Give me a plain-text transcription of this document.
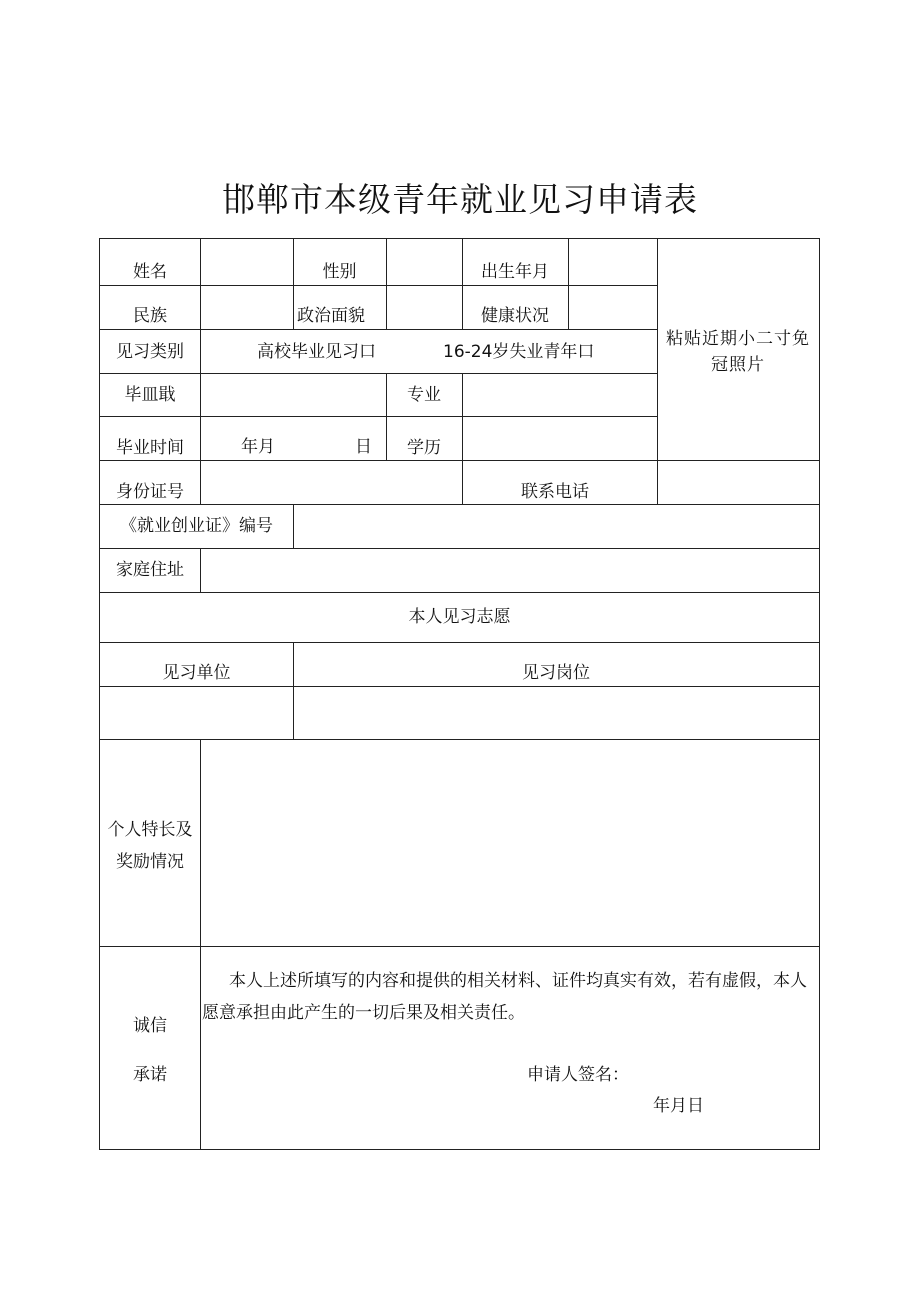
邯郸市本级青年就业见习申请表
姓名	性别	出生年月
民族	政治面貌	健康状况
粘贴近期小二寸免冠照片
见习类别	高校毕业见习口	16-24岁失业青年口
毕皿戢	专业
毕业时间	年月	日	学历
身份证号	联系电话
《就业创业证》编号
家庭住址
本人见习志愿
见习单位	见习岗位
个人特长及
奖励情况
诚信
承诺
本人上述所填写的内容和提供的相关材料、证件均真实有效，若有虚假，本人愿意承担由此产生的一切后果及相关责任。
申请人签名：
年月日
